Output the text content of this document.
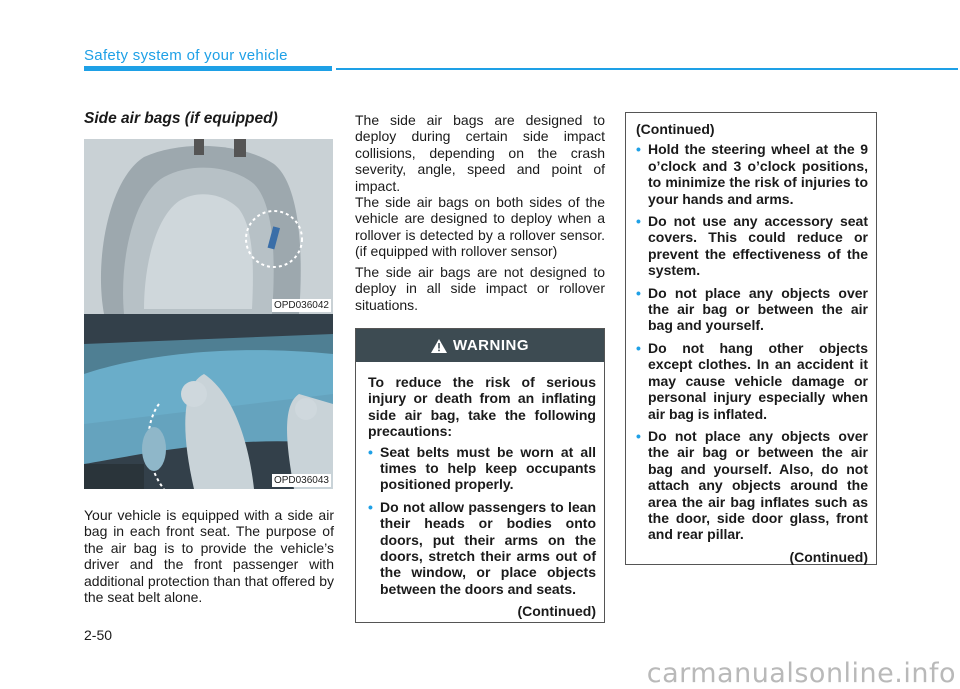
Safety system of your vehicle
Side air bags (if equipped)
OPD036042
OPD036043
Your vehicle is equipped with a side air bag in each front seat. The purpose of the air bag is to provide the vehicle’s driver and the front passenger with additional protection than that offered by the seat belt alone.
The side air bags are designed to deploy during certain side impact collisions, depending on the crash severity, angle, speed and point of impact.
The side air bags on both sides of the vehicle are designed to deploy when a rollover is detected by a rollover sensor. (if equipped with rollover sensor)
The side air bags are not designed to deploy in all side impact or rollover situations.
WARNING
To reduce the risk of serious injury or death from an inflating side air bag, take the following precautions:
• Seat belts must be worn at all times to help keep occupants positioned properly.
• Do not allow passengers to lean their heads or bodies onto doors, put their arms on the doors, stretch their arms out of the window, or place objects between the doors and seats.
(Continued)
(Continued)
• Hold the steering wheel at the 9 o’clock and 3 o’clock positions, to minimize the risk of injuries to your hands and arms.
• Do not use any accessory seat covers. This could reduce or prevent the effectiveness of the system.
• Do not place any objects over the air bag or between the air bag and yourself.
• Do not hang other objects except clothes. In an accident it may cause vehicle damage or personal injury especially when air bag is inflated.
• Do not place any objects over the air bag or between the air bag and yourself. Also, do not attach any objects around the area the air bag inflates such as the door, side door glass, front and rear pillar.
(Continued)
2-50
carmanualsonline.info
